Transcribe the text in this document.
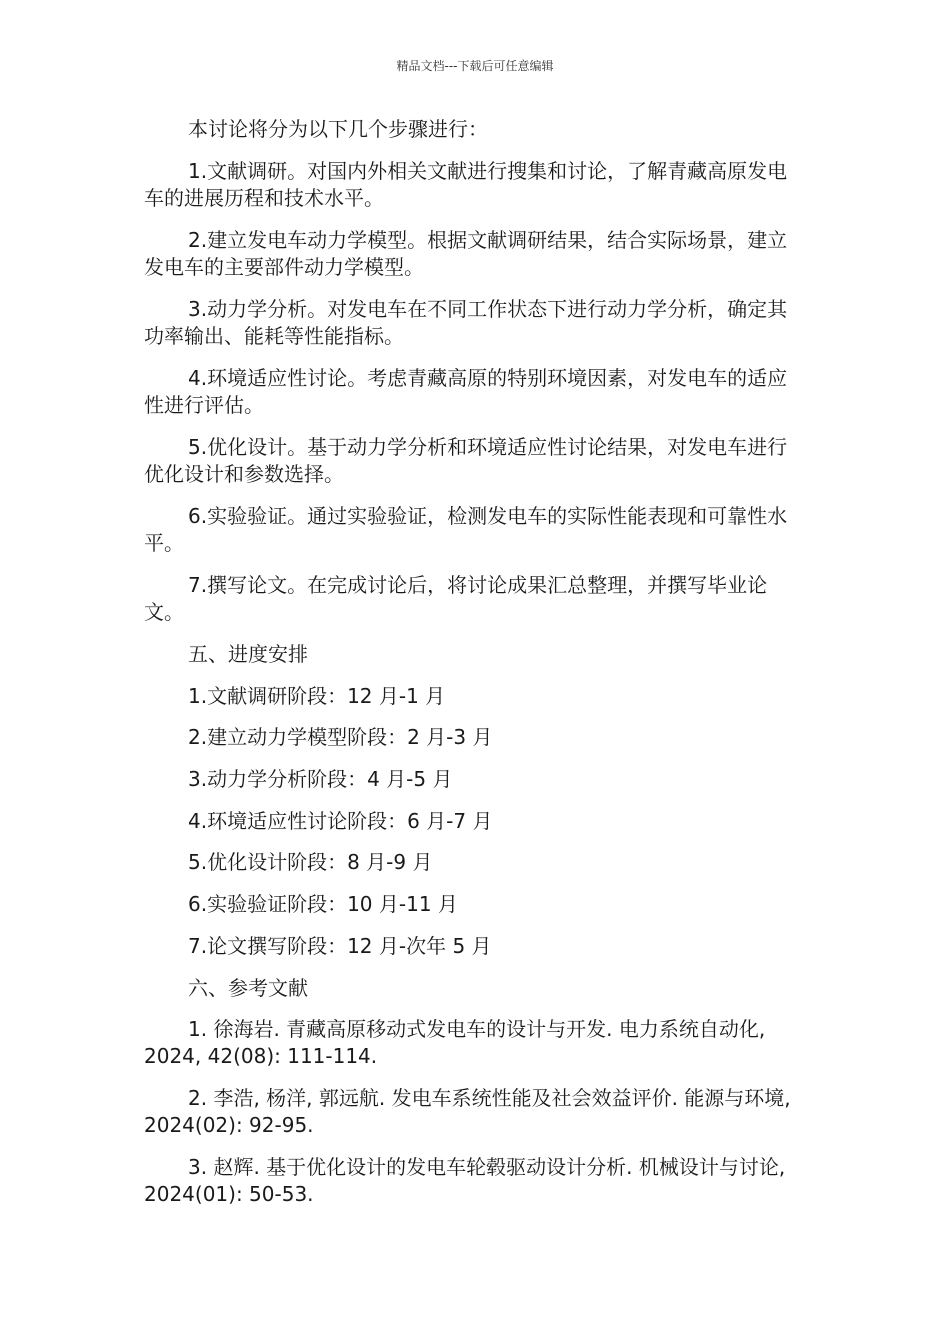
精品文档---下载后可任意编辑

本讨论将分为以下几个步骤进行：

1.文献调研。对国内外相关文献进行搜集和讨论，了解青藏高原发电车的进展历程和技术水平。

2.建立发电车动力学模型。根据文献调研结果，结合实际场景，建立发电车的主要部件动力学模型。

3.动力学分析。对发电车在不同工作状态下进行动力学分析，确定其功率输出、能耗等性能指标。

4.环境适应性讨论。考虑青藏高原的特别环境因素，对发电车的适应性进行评估。

5.优化设计。基于动力学分析和环境适应性讨论结果，对发电车进行优化设计和参数选择。

6.实验验证。通过实验验证，检测发电车的实际性能表现和可靠性水平。

7.撰写论文。在完成讨论后，将讨论成果汇总整理，并撰写毕业论文。

五、进度安排

1.文献调研阶段：12 月-1 月

2.建立动力学模型阶段：2 月-3 月

3.动力学分析阶段：4 月-5 月

4.环境适应性讨论阶段：6 月-7 月

5.优化设计阶段：8 月-9 月

6.实验验证阶段：10 月-11 月

7.论文撰写阶段：12 月-次年 5 月

六、参考文献

1. 徐海岩. 青藏高原移动式发电车的设计与开发. 电力系统自动化, 2024, 42(08): 111-114.

2. 李浩, 杨洋, 郭远航. 发电车系统性能及社会效益评价. 能源与环境, 2024(02): 92-95.

3. 赵辉. 基于优化设计的发电车轮毂驱动设计分析. 机械设计与讨论, 2024(01): 50-53.
